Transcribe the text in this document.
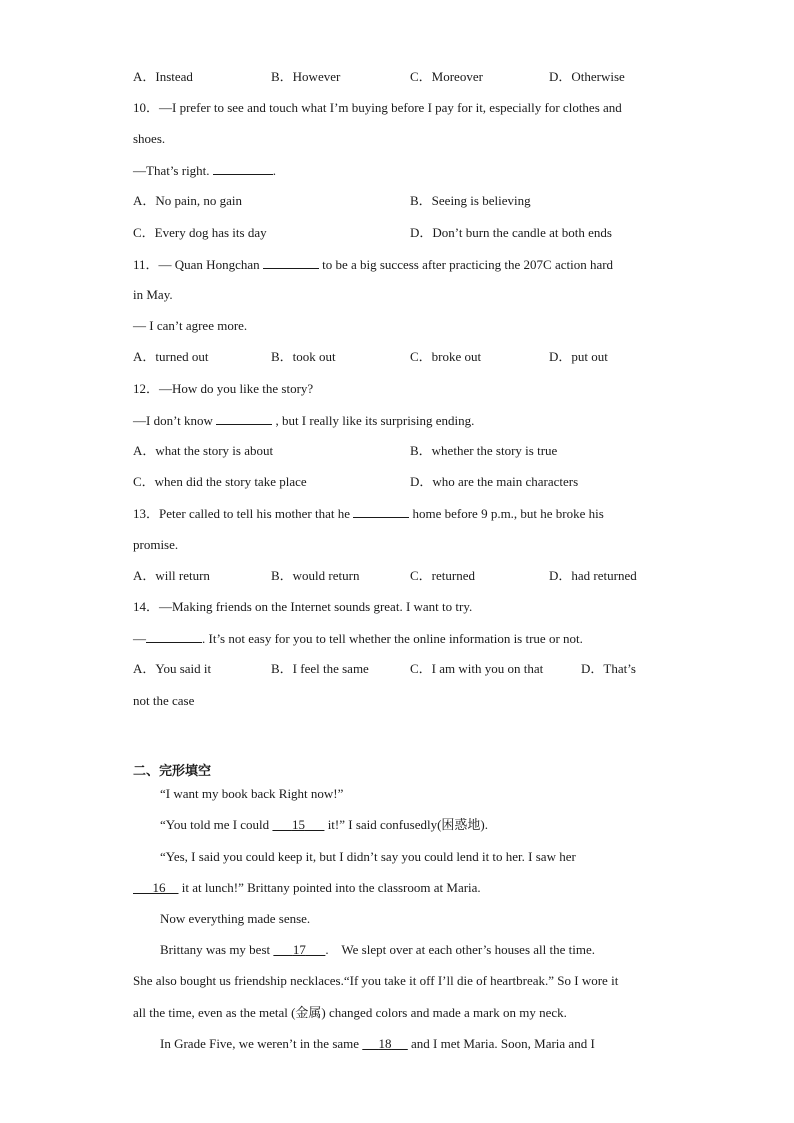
A．Instead	B．However	C．Moreover	D．Otherwise
10．—I prefer to see and touch what I’m buying before I pay for it, especially for clothes and
shoes.
—That’s right.	.
A．No pain, no gain	B．Seeing is believing
C．Every dog has its day	D．Don’t burn the candle at both ends
11．— Quan Hongchan	to be a big success after practicing the 207C action hard
in May.
— I can’t agree more.
A．turned out	B．took out	C．broke out	D．put out
12．—How do you like the story?
—I don’t know	, but I really like its surprising ending.
A．what the story is about	B．whether the story is true
C．when did the story take place	D．who are the main characters
13．Peter called to tell his mother that he	home before 9 p.m., but he broke his
promise.
A．will return	B．would return	C．returned	D．had returned
14．—Making friends on the Internet sounds great. I want to try.
—	. It’s not easy for you to tell whether the online information is true or not.
A．You said it	B．I feel the same	C．I am with you on that	D．That’s
not the case
二、完形填空
“I want my book back Right now!”
“You told me I could 15 it!” I said confusedly(困惑地).
“Yes, I said you could keep it, but I didn’t say you could lend it to her. I saw her
16 it at lunch!” Brittany pointed into the classroom at Maria.
Now everything made sense.
Brittany was my best 17 .    We slept over at each other’s houses all the time.
She also bought us friendship necklaces.“If you take it off I’ll die of heartbreak.” So I wore it
all the time, even as the metal (金属) changed colors and made a mark on my neck.
In Grade Five, we weren’t in the same 18 and I met Maria. Soon, Maria and I
